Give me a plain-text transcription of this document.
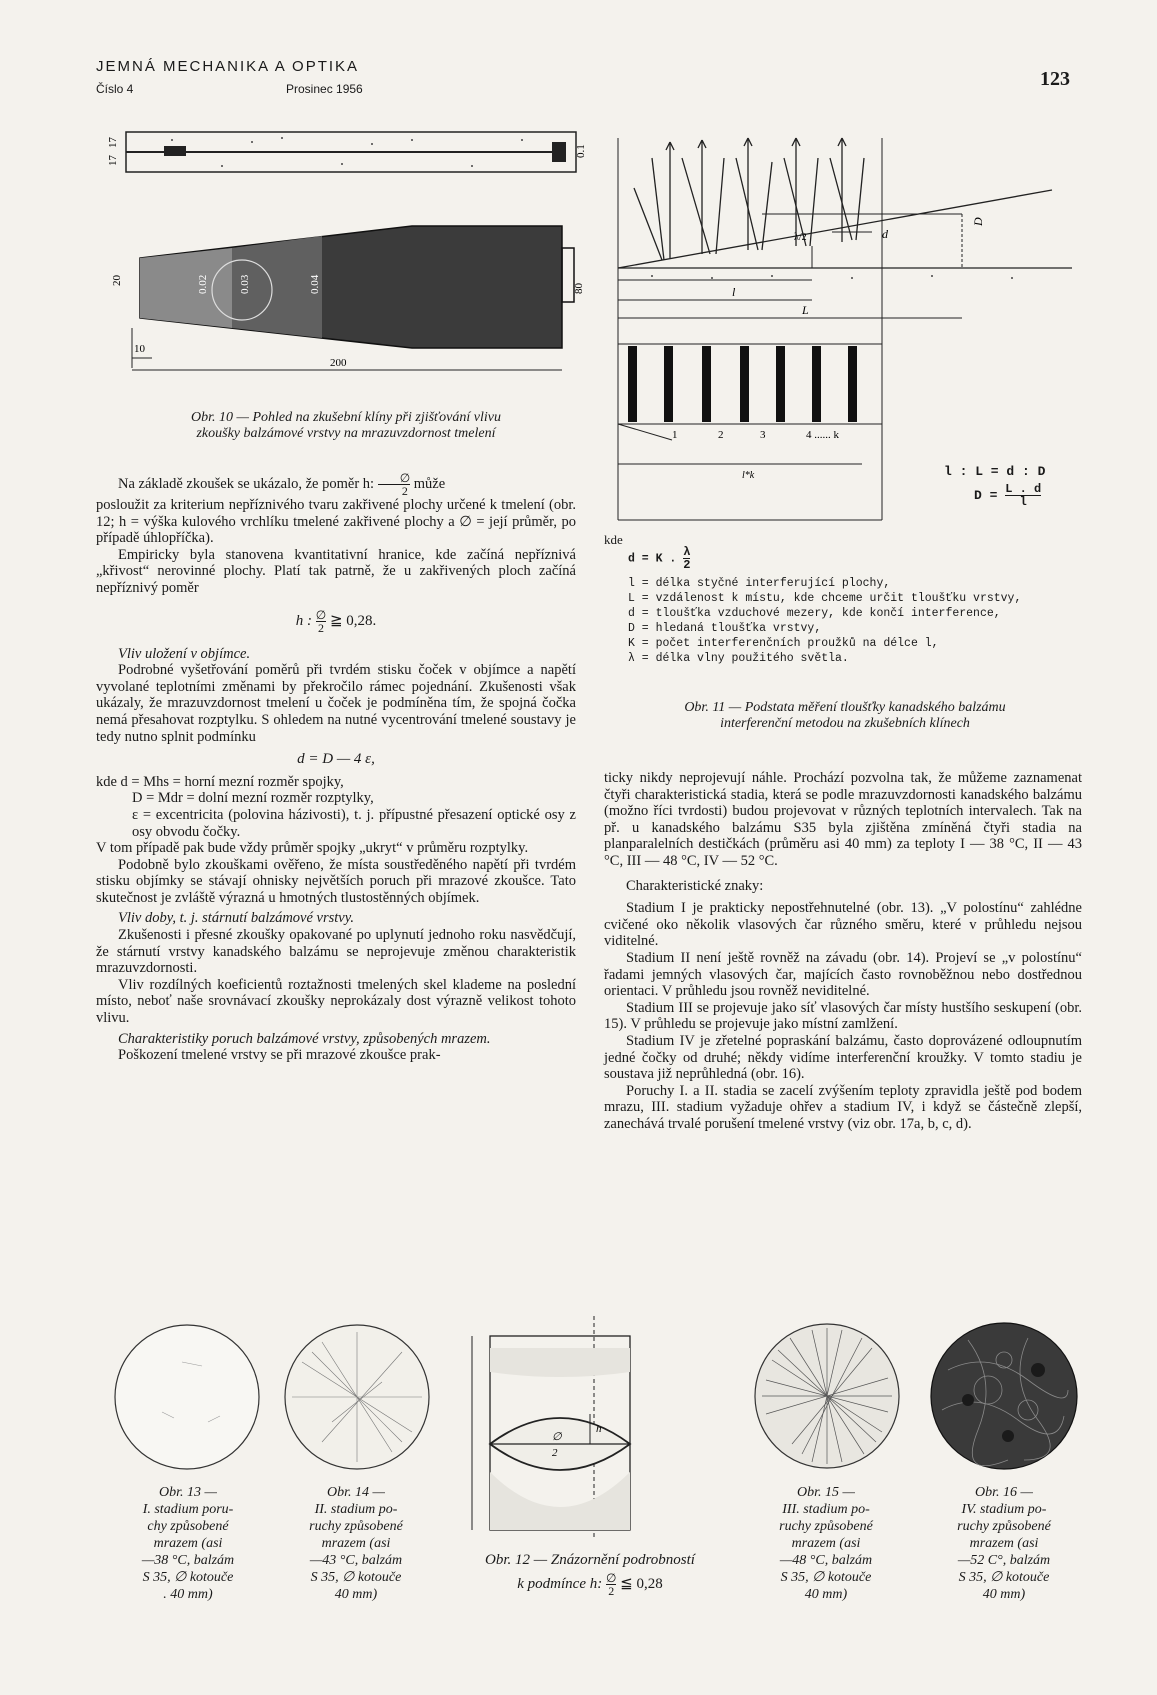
JEMNÁ MECHANIKA A OPTIKA
Číslo 4	Prosinec 1956	123
17
17
0.1
0.02	0.03	0.04
20
80
10
200
Obr. 10 — Pohled na zkušební klíny při zjišťování vlivu
zkoušky balzámové vrstvy na mrazuvzdornost tmelení
d
D
λ/2
l
L
1	2	3	4 ...... k
l*k	l : L = d : D
$D = \frac{L . d}{l}$
kde
d = K . $\frac{\lambda}{2}$
l = délka styčné interferující plochy,
L = vzdálenost k místu, kde chceme určit tloušťku vrstvy,
d = tloušťka vzduchové mezery, kde končí interference,
D = hledaná tloušťka vrstvy,
K = počet interferenčních proužků na délce l,
λ = délka vlny použitého světla.
Obr. 11 — Podstata měření tloušťky kanadského balzámu
interferenční metodou na zkušebních klínech

Na základě zkoušek se ukázalo, že poměr h: $\frac{\emptyset}{2}$ může

posloužit za kriterium nepříznivého tvaru zakřivené plochy určené k tmelení (obr. 12; h = výška kulového vrchlíku tmelené zakřivené plochy a ∅ = její průměr, po případě úhlopříčka).

Empiricky byla stanovena kvantitativní hranice, kde začíná nepříznivá „křivost“ nerovinné plochy. Platí tak patrně, že u zakřivených ploch začíná nepříznivý poměr

h : $\frac{\emptyset}{2}$ ≧ 0,28.

Vliv uložení v objímce.

Podrobné vyšetřování poměrů při tvrdém stisku čoček v objímce a napětí vyvolané teplotními změnami by překročilo rámec pojednání. Zkušenosti však ukázaly, že mrazuvzdornost tmelení u čoček je podmíněna tím, že spojná čočka nemá přesahovat rozptylku. S ohledem na nutné vycentrování tmelené soustavy je tedy nutno splnit podmínku

d = D — 4 ε,

kde d = Mhs = horní mezní rozměr spojky,

D = Mdr = dolní mezní rozměr rozptylky,

ε = excentricita (polovina házivosti), t. j. přípustné přesazení optické osy z osy obvodu čočky.

V tom případě pak bude vždy průměr spojky „ukryt“ v průměru rozptylky.

Podobně bylo zkouškami ověřeno, že místa soustředěného napětí při tvrdém stisku objímky se stávají ohnisky největších poruch při mrazové zkoušce. Tato skutečnost je zvláště výrazná u hmotných tlustostěnných objímek.

Vliv doby, t. j. stárnutí balzámové vrstvy.

Zkušenosti i přesné zkoušky opakované po uplynutí jednoho roku nasvědčují, že stárnutí vrstvy kanadského balzámu se neprojevuje změnou charakteristik mrazuvzdornosti.

Vliv rozdílných koeficientů roztažnosti tmelených skel klademe na poslední místo, neboť naše srovnávací zkoušky neprokázaly dost výrazně velikost tohoto vlivu.

Charakteristiky poruch balzámové vrstvy, způsobených mrazem.

Poškození tmelené vrstvy se při mrazové zkoušce prak-

ticky nikdy neprojevují náhle. Prochází pozvolna tak, že můžeme zaznamenat čtyři charakteristická stadia, která se podle mrazuvzdornosti kanadského balzámu (možno říci tvrdosti) budou projevovat v různých teplotních intervalech. Tak na př. u kanadského balzámu S35 byla zjištěna zmíněná čtyři stadia na planparalelních destičkách (průměru asi 40 mm) za teploty I — 38 °C, II — 43 °C, III — 48 °C, IV — 52 °C.

Charakteristické znaky:

Stadium I je prakticky nepostřehnutelné (obr. 13). „V polostínu“ zahlédne cvičené oko několik vlasových čar různého směru, které v průhledu nejsou viditelné.

Stadium II není ještě rovněž na závadu (obr. 14). Projeví se „v polostínu“ řadami jemných vlasových čar, majících často rovnoběžnou nebo dostřednou orientaci. V průhledu jsou rovněž neviditelné.

Stadium III se projevuje jako síť vlasových čar místy hustšího seskupení (obr. 15). V průhledu se projevuje jako místní zamlžení.

Stadium IV je zřetelné popraskání balzámu, často doprovázené odloupnutím jedné čočky od druhé; někdy vidíme interferenční kroužky. V tomto stadiu je soustava již neprůhledná (obr. 16).

Poruchy I. a II. stadia se zacelí zvýšením teploty zpravidla ještě pod bodem mrazu, III. stadium vyžaduje ohřev a stadium IV, i když se částečně zlepší, zanechává trvalé porušení tmelené vrstvy (viz obr. 17a, b, c, d).

Obr. 13 —
I. stadium poru-
chy způsobené
mrazem (asi
—38 °C, balzám
S 35, ∅ kotouče
. 40 mm)
Obr. 14 —
II. stadium po-
ruchy způsobené
mrazem (asi
—43 °C, balzám
S 35, ∅ kotouče
40 mm)
∅
2
h
Obr. 12 — Znázornění podrobností
k podmínce h: $\frac{\emptyset}{2}$ ≦ 0,28
Obr. 15 —
III. stadium po-
ruchy způsobené
mrazem (asi
—48 °C, balzám
S 35, ∅ kotouče
40 mm)
Obr. 16 —
IV. stadium po-
ruchy způsobené
mrazem (asi
—52 C°, balzám
S 35, ∅ kotouče
40 mm)
